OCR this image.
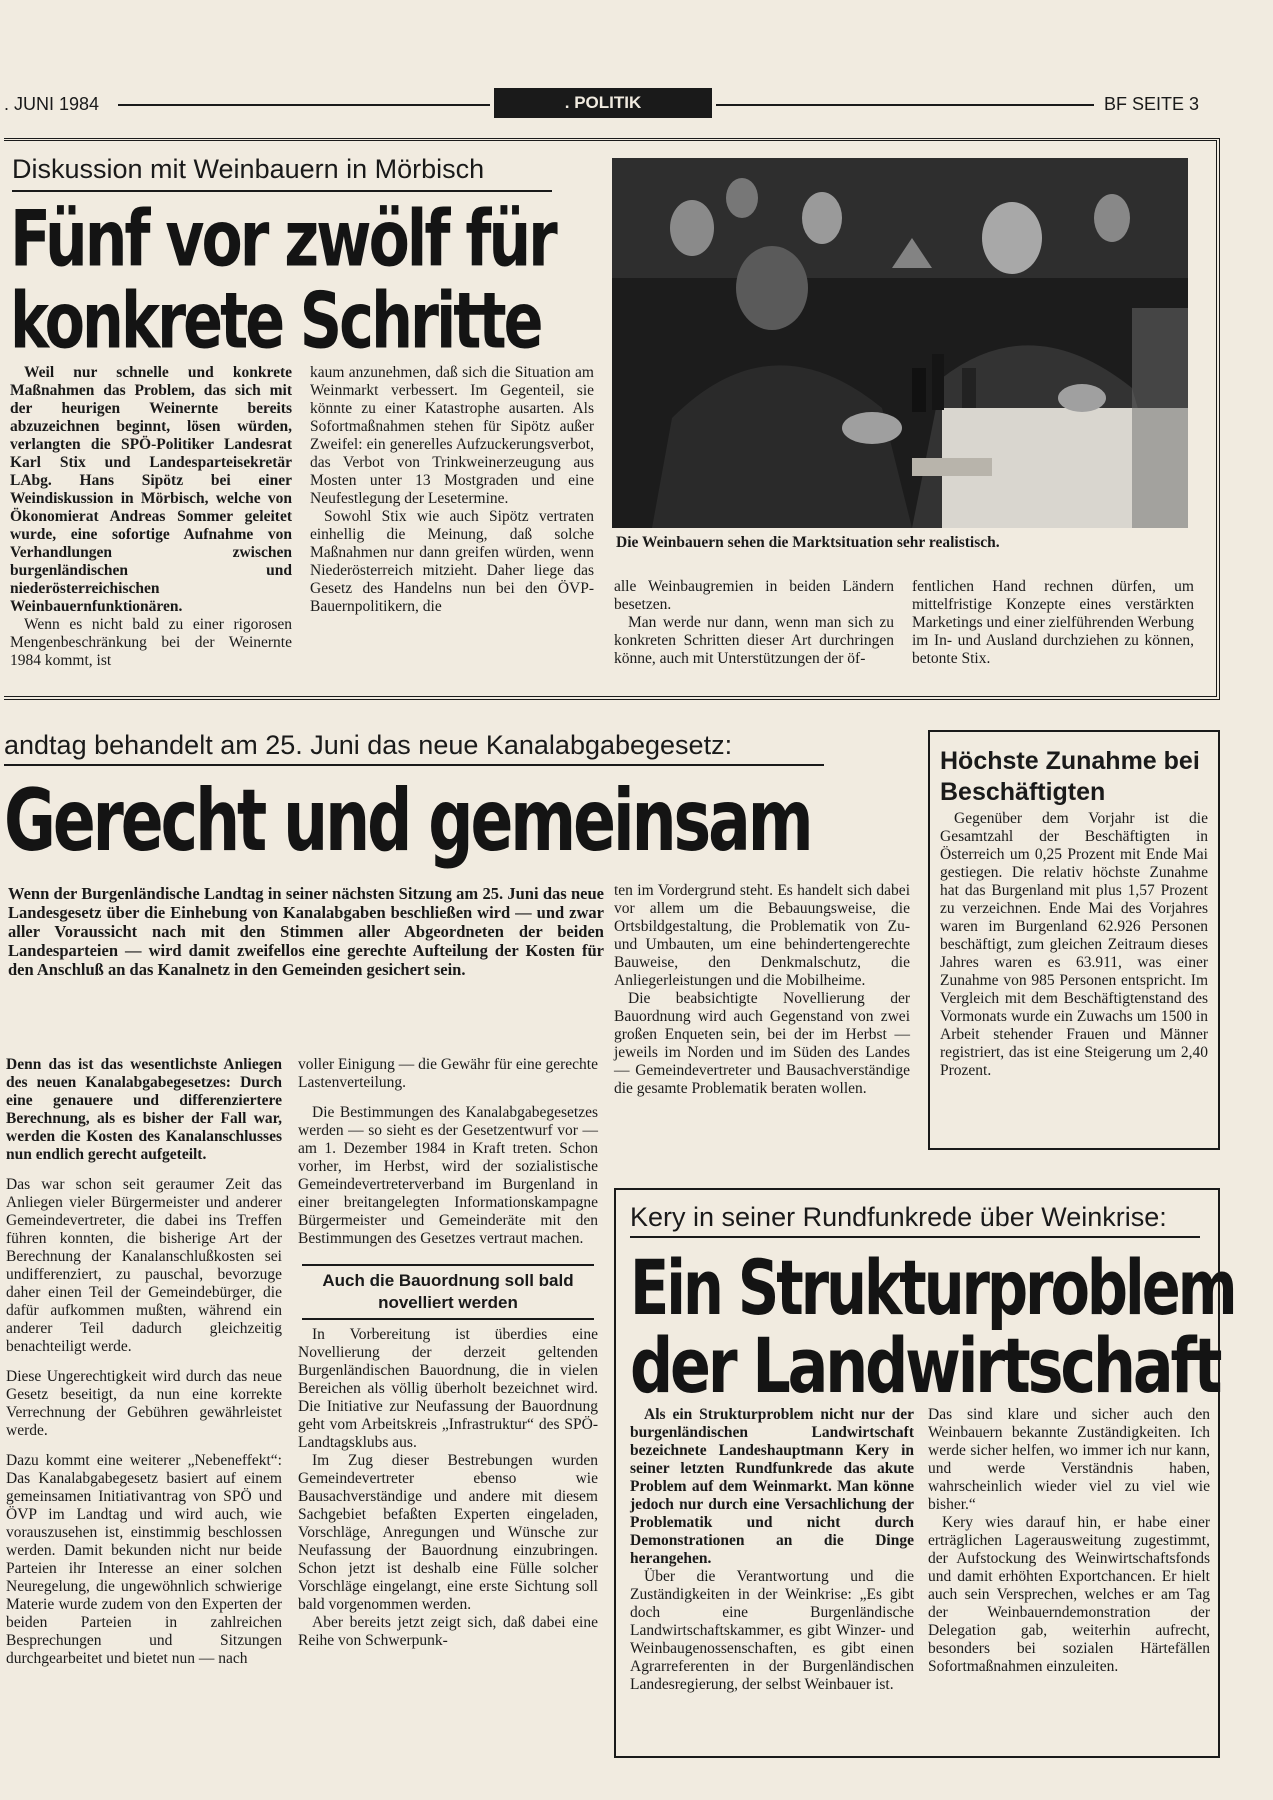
. JUNI 1984	. POLITIK	BF SEITE 3
Diskussion mit Weinbauern in Mörbisch
Fünf vor zwölf für
konkrete Schritte
Die Weinbauern sehen die Marktsituation sehr realistisch.

Weil nur schnelle und konkrete Maßnahmen das Problem, das sich mit der heurigen Weinernte bereits abzuzeichnen beginnt, lösen würden, verlangten die SPÖ-Politiker Landesrat Karl Stix und Landesparteisekretär LAbg. Hans Sipötz bei einer Weindiskussion in Mörbisch, welche von Ökonomierat Andreas Sommer geleitet wurde, eine sofortige Aufnahme von Verhandlungen zwischen burgenländischen und niederösterreichischen Weinbauernfunktionären.

Wenn es nicht bald zu einer rigorosen Mengenbeschränkung bei der Weinernte 1984 kommt, ist

kaum anzunehmen, daß sich die Situation am Weinmarkt verbessert. Im Gegenteil, sie könnte zu einer Katastrophe ausarten. Als Sofortmaßnahmen stehen für Sipötz außer Zweifel: ein generelles Aufzuckerungsverbot, das Verbot von Trinkweinerzeugung aus Mosten unter 13 Mostgraden und eine Neufestlegung der Lesetermine.

Sowohl Stix wie auch Sipötz vertraten einhellig die Meinung, daß solche Maßnahmen nur dann greifen würden, wenn Niederösterreich mitzieht. Daher liege das Gesetz des Handelns nun bei den ÖVP-Bauernpolitikern, die

alle Weinbaugremien in beiden Ländern besetzen.

Man werde nur dann, wenn man sich zu konkreten Schritten dieser Art durchringen könne, auch mit Unterstützungen der öf-

fentlichen Hand rechnen dürfen, um mittelfristige Konzepte eines verstärkten Marketings und einer zielführenden Werbung im In- und Ausland durchziehen zu können, betonte Stix.

andtag behandelt am 25. Juni das neue Kanalabgabegesetz:
Gerecht und gemeinsam

Wenn der Burgenländische Landtag in seiner nächsten Sitzung am 25. Juni das neue Landesgesetz über die Einhebung von Kanalabgaben beschließen wird — und zwar aller Voraussicht nach mit den Stimmen aller Abgeordneten der beiden Landesparteien — wird damit zweifellos eine gerechte Aufteilung der Kosten für den Anschluß an das Kanalnetz in den Gemeinden gesichert sein.

Denn das ist das wesentlichste Anliegen des neuen Kanalabgabegesetzes: Durch eine genauere und differenziertere Berechnung, als es bisher der Fall war, werden die Kosten des Kanalanschlusses nun endlich gerecht aufgeteilt.

Das war schon seit geraumer Zeit das Anliegen vieler Bürgermeister und anderer Gemeindevertreter, die dabei ins Treffen führen konnten, die bisherige Art der Berechnung der Kanalanschlußkosten sei undifferenziert, zu pauschal, bevorzuge daher einen Teil der Gemeindebürger, die dafür aufkommen mußten, während ein anderer Teil dadurch gleichzeitig benachteiligt werde.

Diese Ungerechtigkeit wird durch das neue Gesetz beseitigt, da nun eine korrekte Verrechnung der Gebühren gewährleistet werde.

Dazu kommt eine weiterer „Nebeneffekt“: Das Kanalabgabegesetz basiert auf einem gemeinsamen Initiativantrag von SPÖ und ÖVP im Landtag und wird auch, wie vorauszusehen ist, einstimmig beschlossen werden. Damit bekunden nicht nur beide Parteien ihr Interesse an einer solchen Neuregelung, die ungewöhnlich schwierige Materie wurde zudem von den Experten der beiden Parteien in zahlreichen Besprechungen und Sitzungen durchgearbeitet und bietet nun — nach

voller Einigung — die Gewähr für eine gerechte Lastenverteilung.

Die Bestimmungen des Kanalabgabegesetzes werden — so sieht es der Gesetzentwurf vor — am 1. Dezember 1984 in Kraft treten. Schon vorher, im Herbst, wird der sozialistische Gemeindevertreterverband im Burgenland in einer breitangelegten Informationskampagne Bürgermeister und Gemeinderäte mit den Bestimmungen des Gesetzes vertraut machen.

Auch die Bauordnung soll bald novelliert werden

In Vorbereitung ist überdies eine Novellierung der derzeit geltenden Burgenländischen Bauordnung, die in vielen Bereichen als völlig überholt bezeichnet wird. Die Initiative zur Neufassung der Bauordnung geht vom Arbeitskreis „Infrastruktur“ des SPÖ-Landtagsklubs aus.

Im Zug dieser Bestrebungen wurden Gemeindevertreter ebenso wie Bausachverständige und andere mit diesem Sachgebiet befaßten Experten eingeladen, Vorschläge, Anregungen und Wünsche zur Neufassung der Bauordnung einzubringen. Schon jetzt ist deshalb eine Fülle solcher Vorschläge eingelangt, eine erste Sichtung soll bald vorgenommen werden.

Aber bereits jetzt zeigt sich, daß dabei eine Reihe von Schwerpunk-

ten im Vordergrund steht. Es handelt sich dabei vor allem um die Bebauungsweise, die Ortsbildgestaltung, die Problematik von Zu- und Umbauten, um eine behindertengerechte Bauweise, den Denkmalschutz, die Anliegerleistungen und die Mobilheime.

Die beabsichtigte Novellierung der Bauordnung wird auch Gegenstand von zwei großen Enqueten sein, bei der im Herbst — jeweils im Norden und im Süden des Landes — Gemeindevertreter und Bausachverständige die gesamte Problematik beraten wollen.

Höchste Zunahme bei Beschäftigten

Gegenüber dem Vorjahr ist die Gesamtzahl der Beschäftigten in Österreich um 0,25 Prozent mit Ende Mai gestiegen. Die relativ höchste Zunahme hat das Burgenland mit plus 1,57 Prozent zu verzeichnen. Ende Mai des Vorjahres waren im Burgenland 62.926 Personen beschäftigt, zum gleichen Zeitraum dieses Jahres waren es 63.911, was einer Zunahme von 985 Personen entspricht. Im Vergleich mit dem Beschäftigtenstand des Vormonats wurde ein Zuwachs um 1500 in Arbeit stehender Frauen und Männer registriert, das ist eine Steigerung um 2,40 Prozent.

Kery in seiner Rundfunkrede über Weinkrise:
Ein Strukturproblem
der Landwirtschaft

Als ein Strukturproblem nicht nur der burgenländischen Landwirtschaft bezeichnete Landeshauptmann Kery in seiner letzten Rundfunkrede das akute Problem auf dem Weinmarkt. Man könne jedoch nur durch eine Versachlichung der Problematik und nicht durch Demonstrationen an die Dinge herangehen.

Über die Verantwortung und die Zuständigkeiten in der Weinkrise: „Es gibt doch eine Burgenländische Landwirtschaftskammer, es gibt Winzer- und Weinbaugenossenschaften, es gibt einen Agrarreferenten in der Burgenländischen Landesregierung, der selbst Weinbauer ist.

Das sind klare und sicher auch den Weinbauern bekannte Zuständigkeiten. Ich werde sicher helfen, wo immer ich nur kann, und werde Verständnis haben, wahrscheinlich wieder viel zu viel wie bisher.“

Kery wies darauf hin, er habe einer erträglichen Lagerausweitung zugestimmt, der Aufstockung des Weinwirtschaftsfonds und damit erhöhten Exportchancen. Er hielt auch sein Versprechen, welches er am Tag der Weinbauerndemonstration der Delegation gab, weiterhin aufrecht, besonders bei sozialen Härtefällen Sofortmaßnahmen einzuleiten.
